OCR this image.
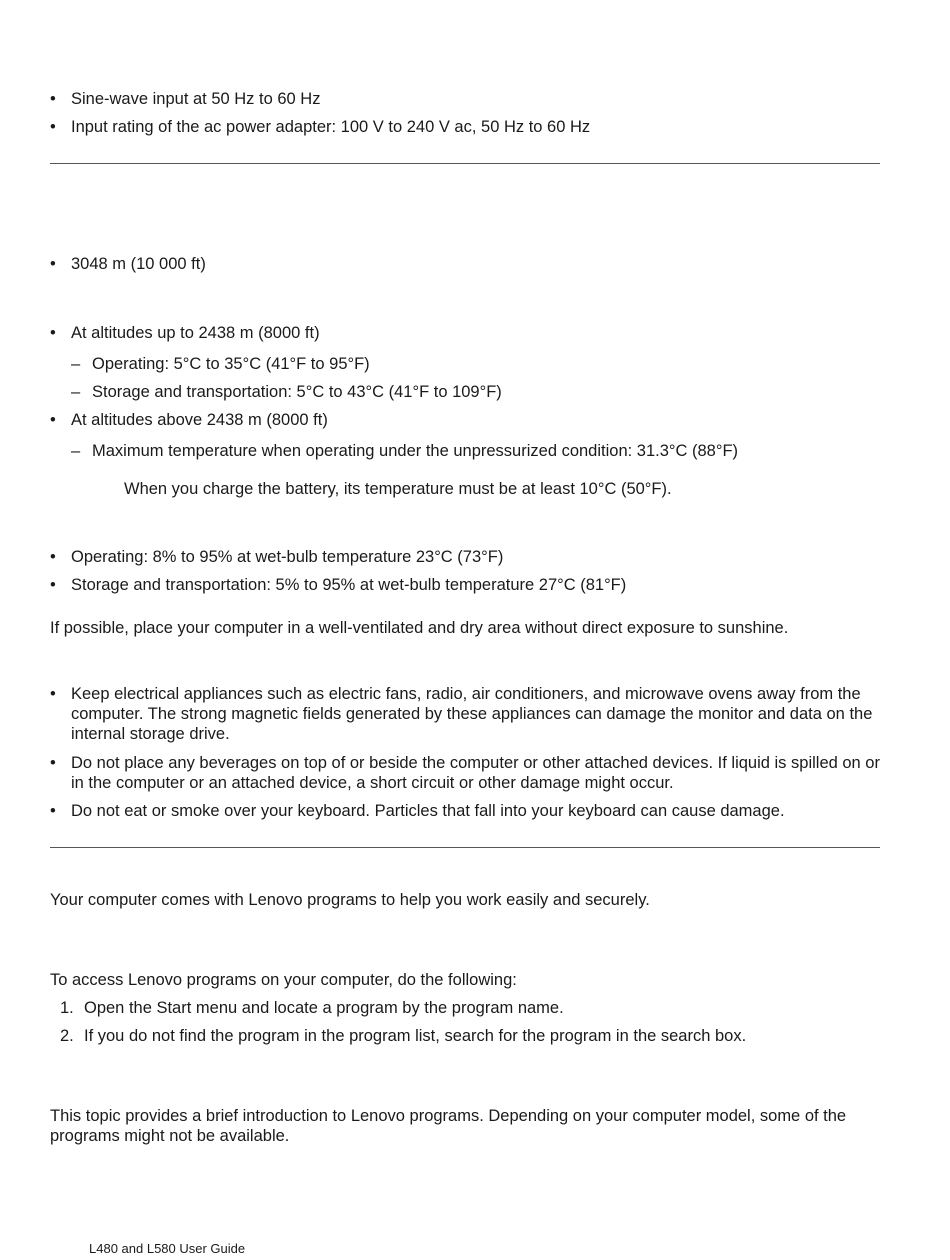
• Sine-wave input at 50 Hz to 60 Hz
• Input rating of the ac power adapter: 100 V to 240 V ac, 50 Hz to 60 Hz
• 3048 m (10 000 ft)
• At altitudes up to 2438 m (8000 ft)
– Operating: 5°C to 35°C (41°F to 95°F)
– Storage and transportation: 5°C to 43°C (41°F to 109°F)
• At altitudes above 2438 m (8000 ft)
– Maximum temperature when operating under the unpressurized condition: 31.3°C (88°F)
When you charge the battery, its temperature must be at least 10°C (50°F).
• Operating: 8% to 95% at wet-bulb temperature 23°C (73°F)
• Storage and transportation: 5% to 95% at wet-bulb temperature 27°C (81°F)
If possible, place your computer in a well-ventilated and dry area without direct exposure to sunshine.
• Keep electrical appliances such as electric fans, radio, air conditioners, and microwave ovens away from the computer. The strong magnetic fields generated by these appliances can damage the monitor and data on the internal storage drive.
• Do not place any beverages on top of or beside the computer or other attached devices. If liquid is spilled on or in the computer or an attached device, a short circuit or other damage might occur.
• Do not eat or smoke over your keyboard. Particles that fall into your keyboard can cause damage.
Your computer comes with Lenovo programs to help you work easily and securely.
To access Lenovo programs on your computer, do the following:
1. Open the Start menu and locate a program by the program name.
2. If you do not find the program in the program list, search for the program in the search box.
This topic provides a brief introduction to Lenovo programs. Depending on your computer model, some of the programs might not be available.
L480 and L580 User Guide
